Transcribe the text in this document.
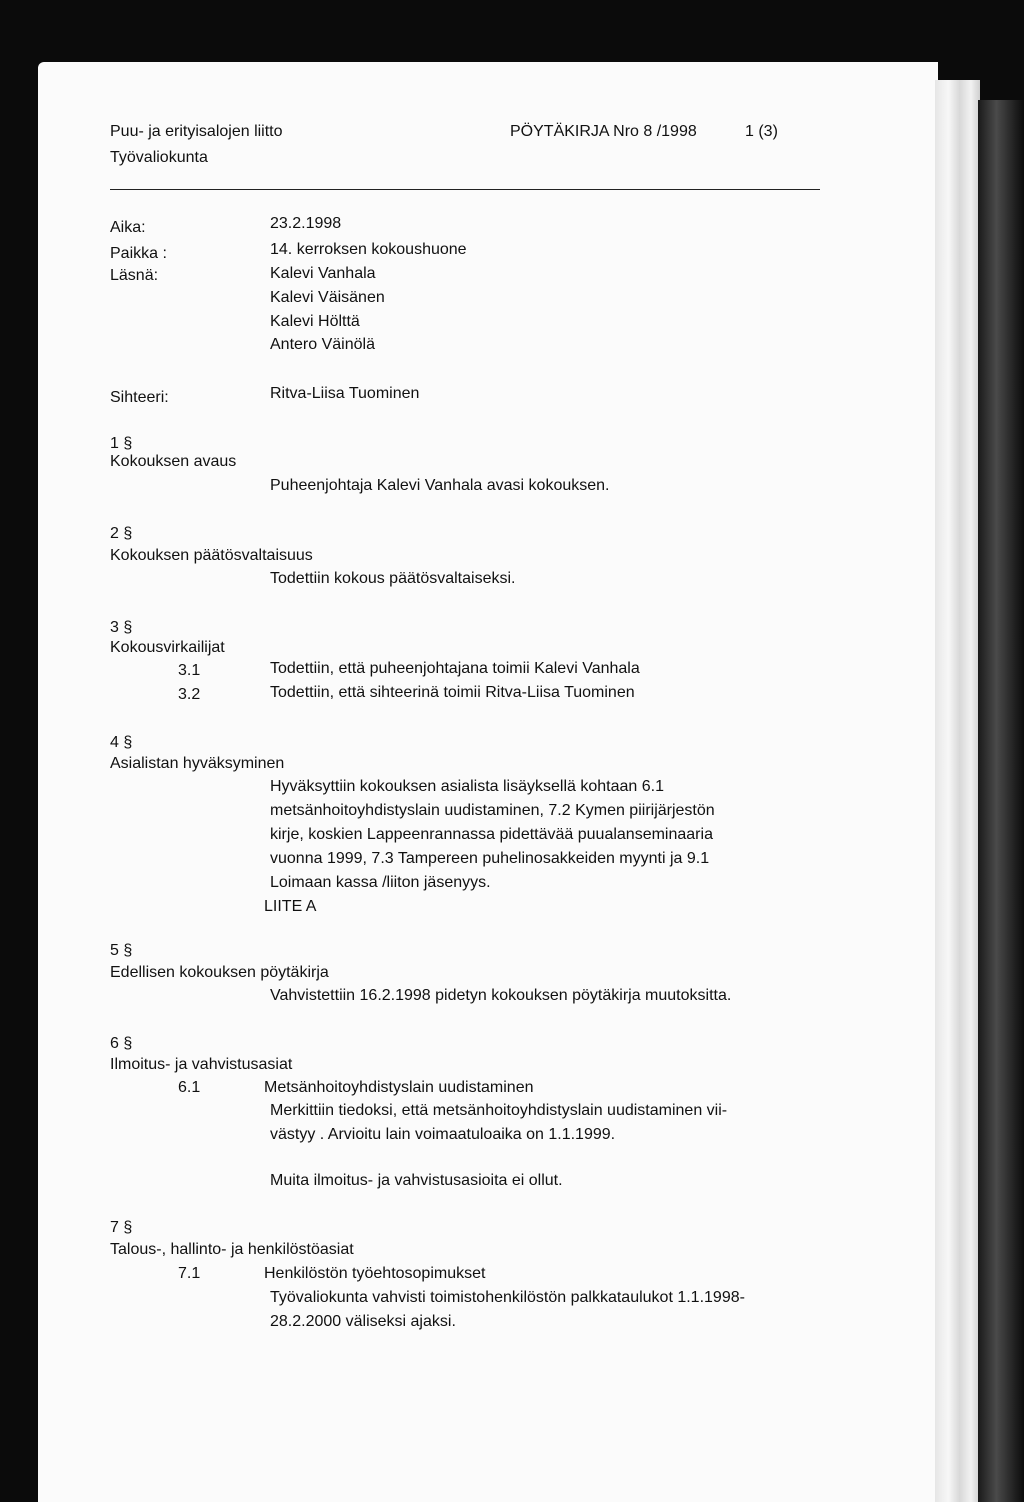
Puu- ja erityisalojen liitto
Työvaliokunta
PÖYTÄKIRJA Nro 8 /1998	1 (3)
Aika:	23.2.1998
Paikka :	14. kerroksen kokoushuone
Läsnä:	Kalevi Vanhala
Kalevi Väisänen
Kalevi Hölttä
Antero Väinölä
Sihteeri:	Ritva-Liisa Tuominen
1 §
Kokouksen avaus
Puheenjohtaja Kalevi Vanhala avasi kokouksen.
2 §
Kokouksen päätösvaltaisuus
Todettiin kokous päätösvaltaiseksi.
3 §
Kokousvirkailijat
3.1	Todettiin, että puheenjohtajana toimii Kalevi Vanhala
3.2	Todettiin, että sihteerinä toimii Ritva-Liisa Tuominen
4 §
Asialistan hyväksyminen
Hyväksyttiin kokouksen asialista lisäyksellä kohtaan 6.1
metsänhoitoyhdistyslain uudistaminen, 7.2 Kymen piirijärjestön
kirje, koskien Lappeenrannassa pidettävää puualanseminaaria
vuonna 1999, 7.3 Tampereen puhelinosakkeiden myynti ja 9.1
Loimaan kassa /liiton jäsenyys.
LIITE A
5 §
Edellisen kokouksen pöytäkirja
Vahvistettiin 16.2.1998 pidetyn kokouksen pöytäkirja muutoksitta.
6 §
Ilmoitus- ja vahvistusasiat
6.1	Metsänhoitoyhdistyslain uudistaminen
Merkittiin tiedoksi, että metsänhoitoyhdistyslain uudistaminen vii-
västyy . Arvioitu lain voimaatuloaika on 1.1.1999.
Muita ilmoitus- ja vahvistusasioita ei ollut.
7 §
Talous-, hallinto- ja henkilöstöasiat
7.1	Henkilöstön työehtosopimukset
Työvaliokunta vahvisti toimistohenkilöstön palkkataulukot 1.1.1998-
28.2.2000 väliseksi ajaksi.
